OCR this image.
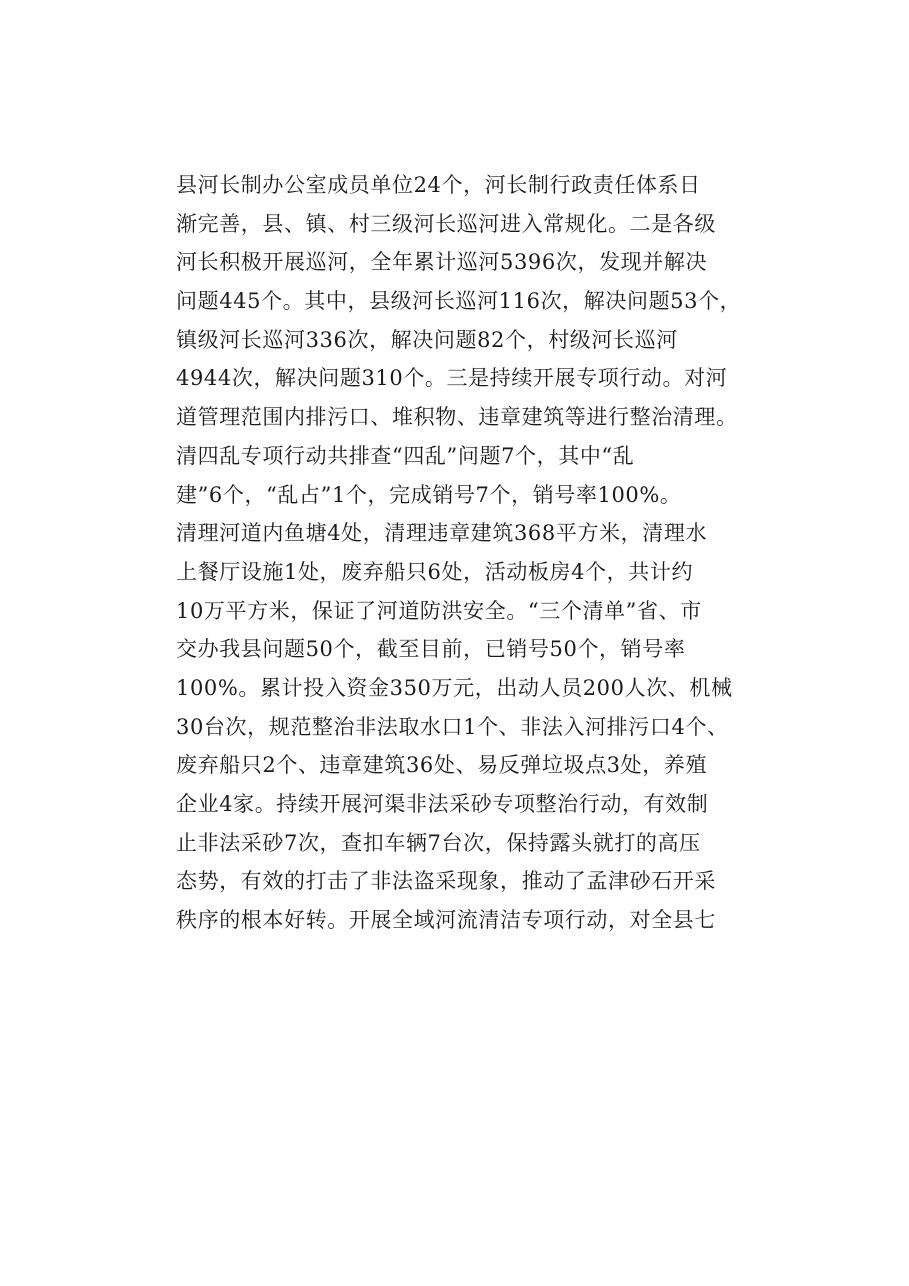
县河长制办公室成员单位24个，河长制行政责任体系日
渐完善，县、镇、村三级河长巡河进入常规化。二是各级
河长积极开展巡河，全年累计巡河5396次，发现并解决
问题445个。其中，县级河长巡河116次，解决问题53个，
镇级河长巡河336次，解决问题82个，村级河长巡河
4944次，解决问题310个。三是持续开展专项行动。对河
道管理范围内排污口、堆积物、违章建筑等进行整治清理。
清四乱专项行动共排查“四乱”问题7个，其中“乱
建”6个，“乱占”1个，完成销号7个，销号率100%。
清理河道内鱼塘4处，清理违章建筑368平方米，清理水
上餐厅设施1处，废弃船只6处，活动板房4个，共计约
10万平方米，保证了河道防洪安全。“三个清单”省、市
交办我县问题50个，截至目前，已销号50个，销号率
100%。累计投入资金350万元，出动人员200人次、机械
30台次，规范整治非法取水口1个、非法入河排污口4个、
废弃船只2个、违章建筑36处、易反弹垃圾点3处，养殖
企业4家。持续开展河渠非法采砂专项整治行动，有效制
止非法采砂7次，查扣车辆7台次，保持露头就打的高压
态势，有效的打击了非法盗采现象，推动了孟津砂石开采
秩序的根本好转。开展全域河流清洁专项行动，对全县七
